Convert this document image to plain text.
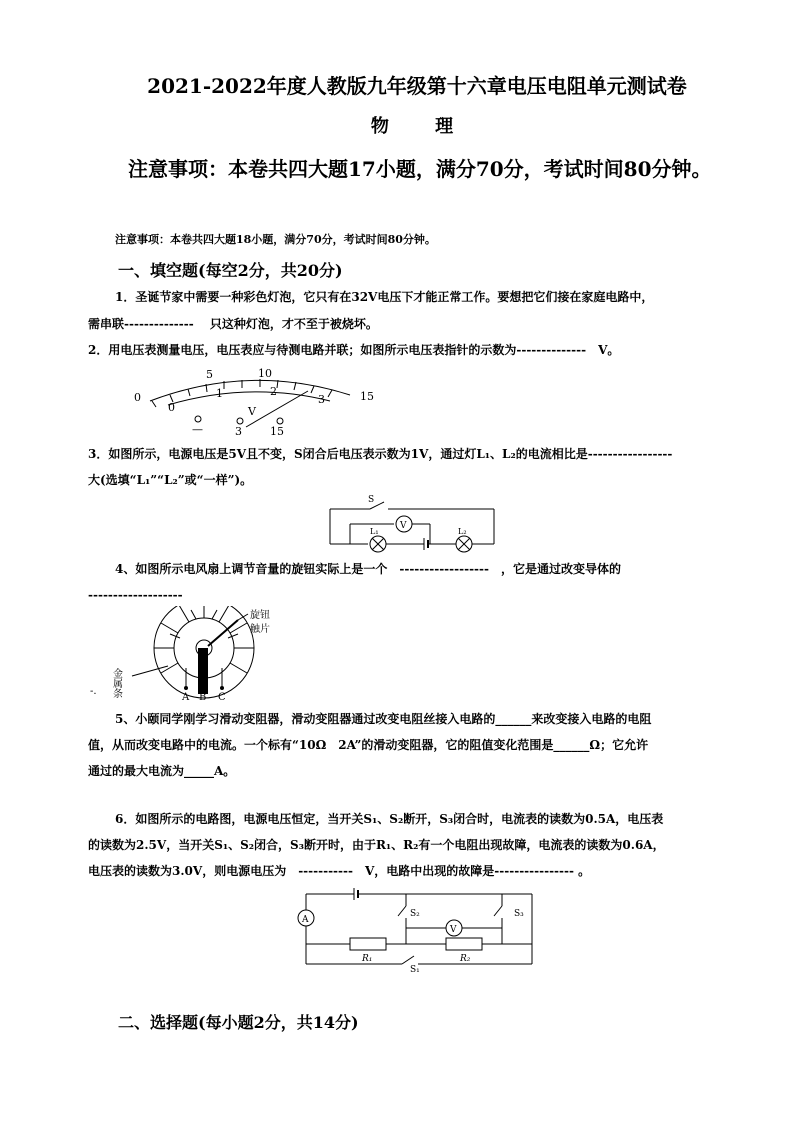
2021-2022年度人教版九年级第十六章电压电阻单元测试卷
物 理
注意事项：本卷共四大题17小题，满分70分，考试时间80分钟。
注意事项：本卷共四大题18小题，满分70分，考试时间80分钟。
一、填空题(每空2分，共20分)
1．圣诞节家中需要一种彩色灯泡，它只有在32V电压下才能正常工作。要想把它们接在家庭电路中，
需串联--------------　 只这种灯泡，才不至于被烧坏。
2．用电压表测量电压，电压表应与待测电路并联；如图所示电压表指针的示数为--------------　V。
0
5	10
15
0
1	2
3
V
—	3	15
3．如图所示，电源电压是5V且不变，S闭合后电压表示数为1V，通过灯L₁、L₂的电流相比是-----------------
大(选填“L₁”“L₂”或“一样”)。
S
L₁	L₂
V
4、如图所示电风扇上调节音量的旋钮实际上是一个　------------------　，它是通过改变导体的
-------------------
旋钮
触片
金属条	A B C
-.
5、小颐同学刚学习滑动变阻器，滑动变阻器通过改变电阻丝接入电路的______来改变接入电路的电阻
值，从而改变电路中的电流。一个标有“10Ω　2A”的滑动变阻器，它的阻值变化范围是______Ω；它允许
通过的最大电流为_____A。
6．如图所示的电路图，电源电压恒定，当开关S₁、S₂断开，S₃闭合时，电流表的读数为0.5A，电压表
的读数为2.5V，当开关S₁、S₂闭合，S₃断开时，由于R₁、R₂有一个电阻出现故障，电流表的读数为0.6A，
电压表的读数为3.0V，则电源电压为　-----------　V，电路中出现的故障是---------------- 。
A
R₁	R₂
S₂	S₃
V
S₁
二、选择题(每小题2分，共14分)
